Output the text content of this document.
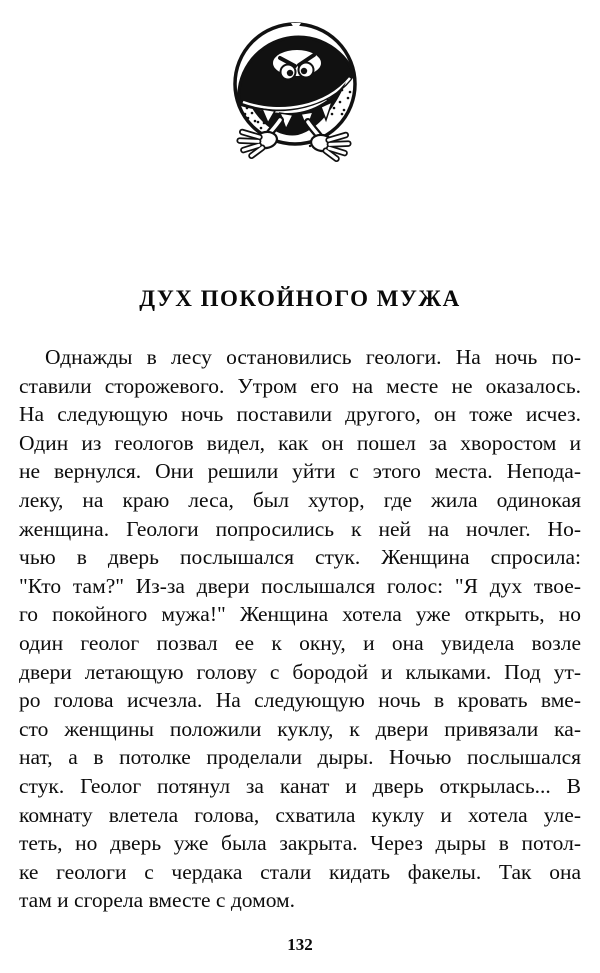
ДУХ ПОКОЙНОГО МУЖА
Однажды в лесу остановились геологи. На ночь по-
ставили сторожевого. Утром его на месте не оказалось.
На следующую ночь поставили другого, он тоже исчез.
Один из геологов видел, как он пошел за хворостом и
не вернулся. Они решили уйти с этого места. Непода-
леку, на краю леса, был хутор, где жила одинокая
женщина. Геологи попросились к ней на ночлег. Но-
чью в дверь послышался стук. Женщина спросила:
"Кто там?" Из-за двери послышался голос: "Я дух твое-
го покойного мужа!" Женщина хотела уже открыть, но
один геолог позвал ее к окну, и она увидела возле
двери летающую голову с бородой и клыками. Под ут-
ро голова исчезла. На следующую ночь в кровать вме-
сто женщины положили куклу, к двери привязали ка-
нат, а в потолке проделали дыры. Ночью послышался
стук. Геолог потянул за канат и дверь открылась... В
комнату влетела голова, схватила куклу и хотела уле-
теть, но дверь уже была закрыта. Через дыры в потол-
ке геологи с чердака стали кидать факелы. Так она
там и сгорела вместе с домом.
132
